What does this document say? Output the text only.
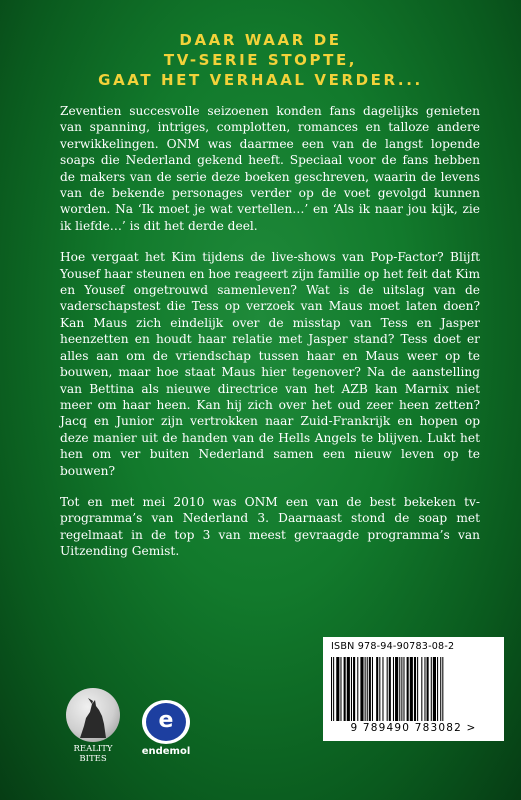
DAAR WAAR DE
TV-SERIE STOPTE,
GAAT HET VERHAAL VERDER...

Zeventien succesvolle seizoenen konden fans dagelijks genieten van spanning, intriges, complotten, romances en talloze andere verwikkelingen. ONM was daarmee een van de langst lopende soaps die Nederland gekend heeft. Speciaal voor de fans hebben de makers van de serie deze boeken geschreven, waarin de levens van de bekende personages verder op de voet gevolgd kunnen worden. Na ‘Ik moet je wat vertellen…’ en ‘Als ik naar jou kijk, zie ik liefde…’ is dit het derde deel.

Hoe vergaat het Kim tijdens de live-shows van Pop-Factor? Blijft Yousef haar steunen en hoe reageert zijn familie op het feit dat Kim en Yousef ongetrouwd samenleven? Wat is de uitslag van de vaderschapstest die Tess op verzoek van Maus moet laten doen? Kan Maus zich eindelijk over de misstap van Tess en Jasper heenzetten en houdt haar relatie met Jasper stand? Tess doet er alles aan om de vriendschap tussen haar en Maus weer op te bouwen, maar hoe staat Maus hier tegenover? Na de aanstelling van Bettina als nieuwe directrice van het AZB kan Marnix niet meer om haar heen. Kan hij zich over het oud zeer heen zetten? Jacq en Junior zijn vertrokken naar Zuid-Frankrijk en hopen op deze manier uit de handen van de Hells Angels te blijven. Lukt het hen om ver buiten Nederland samen een nieuw leven op te bouwen?

Tot en met mei 2010 was ONM een van de best bekeken tv-programma’s van Nederland 3. Daarnaast stond de soap met regelmaat in de top 3 van meest gevraagde programma’s van Uitzending Gemist.

REALITY
BITES
e
endemol
ISBN 978-94-90783-08-2
9 789490 783082 >
